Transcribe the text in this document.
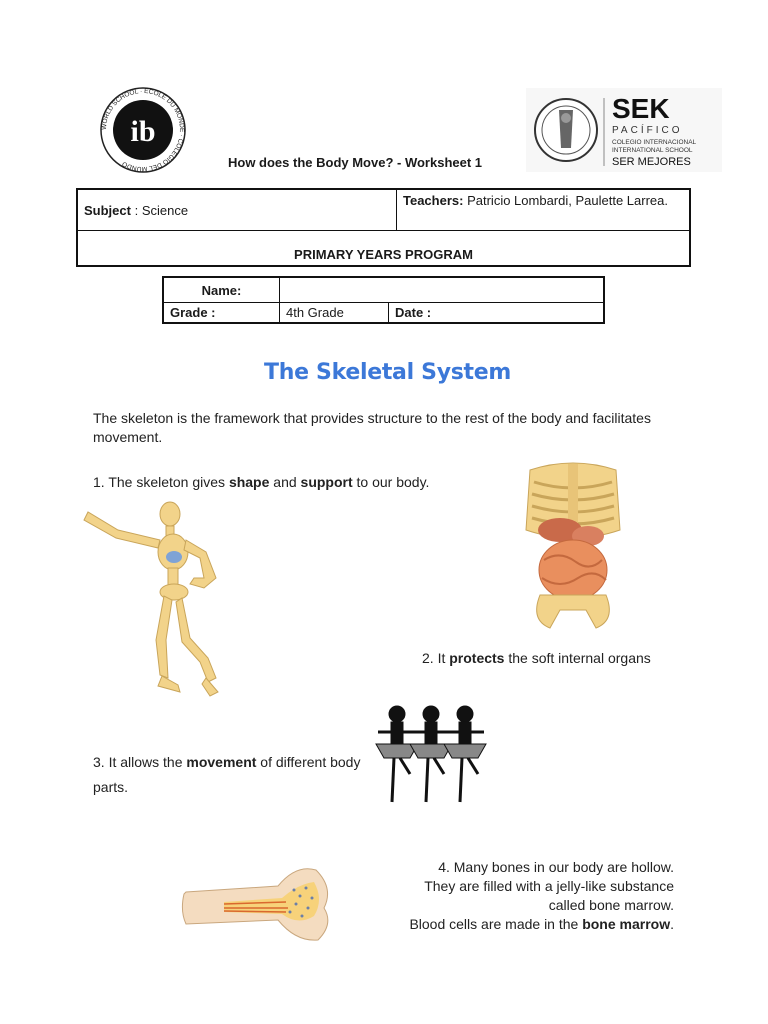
ib
WORLD SCHOOL · ÉCOLE DU MONDE · COLEGIO DEL MUNDO
SEK
PACÍFICO
COLEGIO INTERNACIONAL
INTERNATIONAL SCHOOL
SER MEJORES
How does the Body Move? - Worksheet 1
Subject : Science	Teachers: Patricio Lombardi, Paulette Larrea.
PRIMARY YEARS PROGRAM
Name:		
Grade :	4th Grade	Date :
The Skeletal System
The skeleton is the framework that provides structure to the rest of the body and facilitates movement.
1. The skeleton gives shape and support to our body.
2. It protects the soft internal organs
3. It allows the movement of different body parts.
4. Many bones in our body are hollow.
They are filled with a jelly-like substance
called bone marrow.
Blood cells are made in the bone marrow.
